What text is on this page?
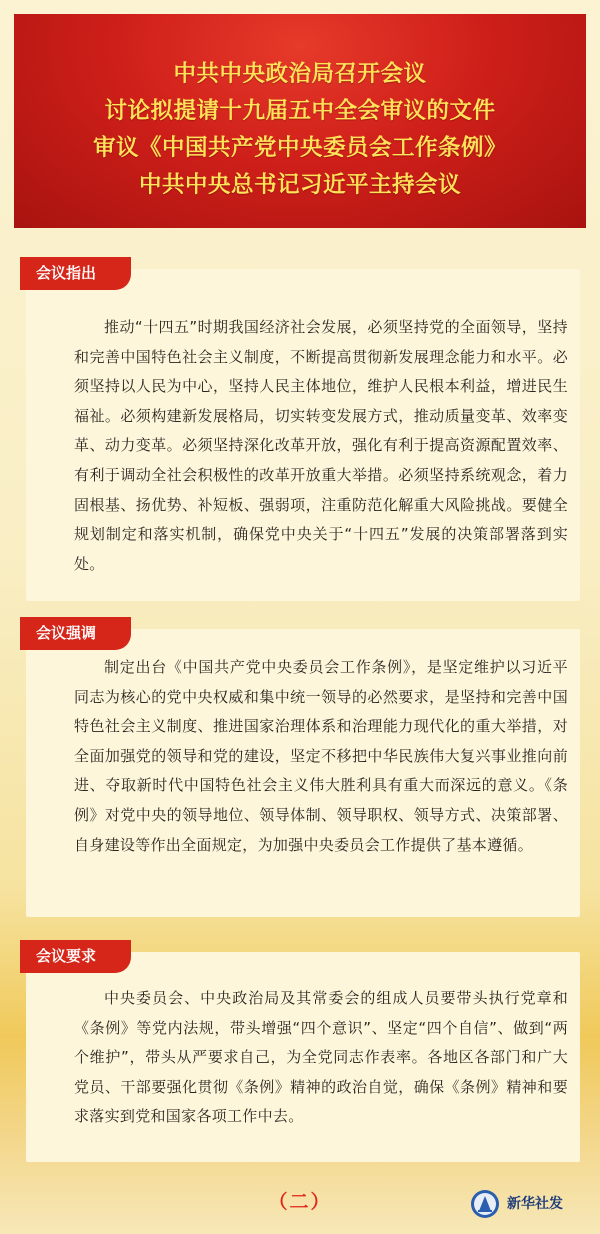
中共中央政治局召开会议
讨论拟提请十九届五中全会审议的文件
审议《中国共产党中央委员会工作条例》
中共中央总书记习近平主持会议
会议指出
推动“十四五”时期我国经济社会发展，必须坚持党的全面领导，坚持和完善中国特色社会主义制度，不断提高贯彻新发展理念能力和水平。必须坚持以人民为中心，坚持人民主体地位，维护人民根本利益，增进民生福祉。必须构建新发展格局，切实转变发展方式，推动质量变革、效率变革、动力变革。必须坚持深化改革开放，强化有利于提高资源配置效率、有利于调动全社会积极性的改革开放重大举措。必须坚持系统观念，着力固根基、扬优势、补短板、强弱项，注重防范化解重大风险挑战。要健全规划制定和落实机制，确保党中央关于“十四五”发展的决策部署落到实处。
会议强调
制定出台《中国共产党中央委员会工作条例》，是坚定维护以习近平同志为核心的党中央权威和集中统一领导的必然要求，是坚持和完善中国特色社会主义制度、推进国家治理体系和治理能力现代化的重大举措，对全面加强党的领导和党的建设，坚定不移把中华民族伟大复兴事业推向前进、夺取新时代中国特色社会主义伟大胜利具有重大而深远的意义。《条例》对党中央的领导地位、领导体制、领导职权、领导方式、决策部署、自身建设等作出全面规定，为加强中央委员会工作提供了基本遵循。
会议要求
中央委员会、中央政治局及其常委会的组成人员要带头执行党章和《条例》等党内法规，带头增强“四个意识”、坚定“四个自信”、做到“两个维护”，带头从严要求自己，为全党同志作表率。各地区各部门和广大党员、干部要强化贯彻《条例》精神的政治自觉，确保《条例》精神和要求落实到党和国家各项工作中去。
（二）	新华社发
